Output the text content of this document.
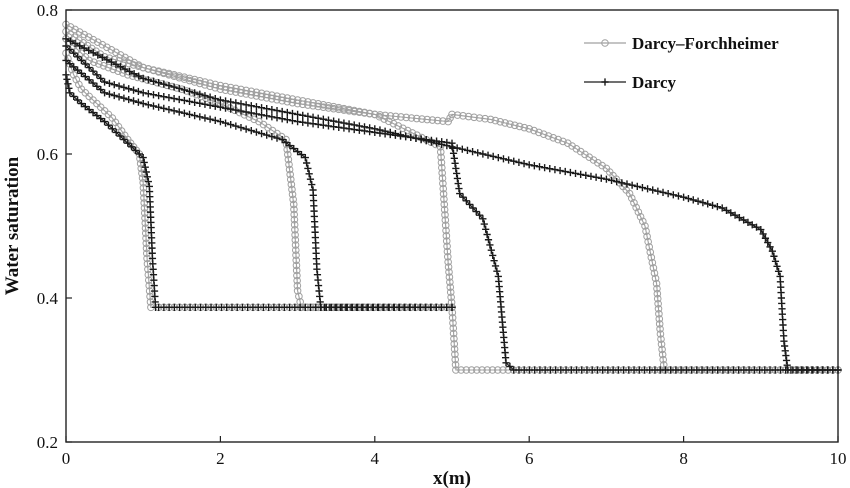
0	2	4	6	8	10
0.2
0.4
0.6
0.8
x(m)
Water saturation
Darcy–Forchheimer
Darcy
